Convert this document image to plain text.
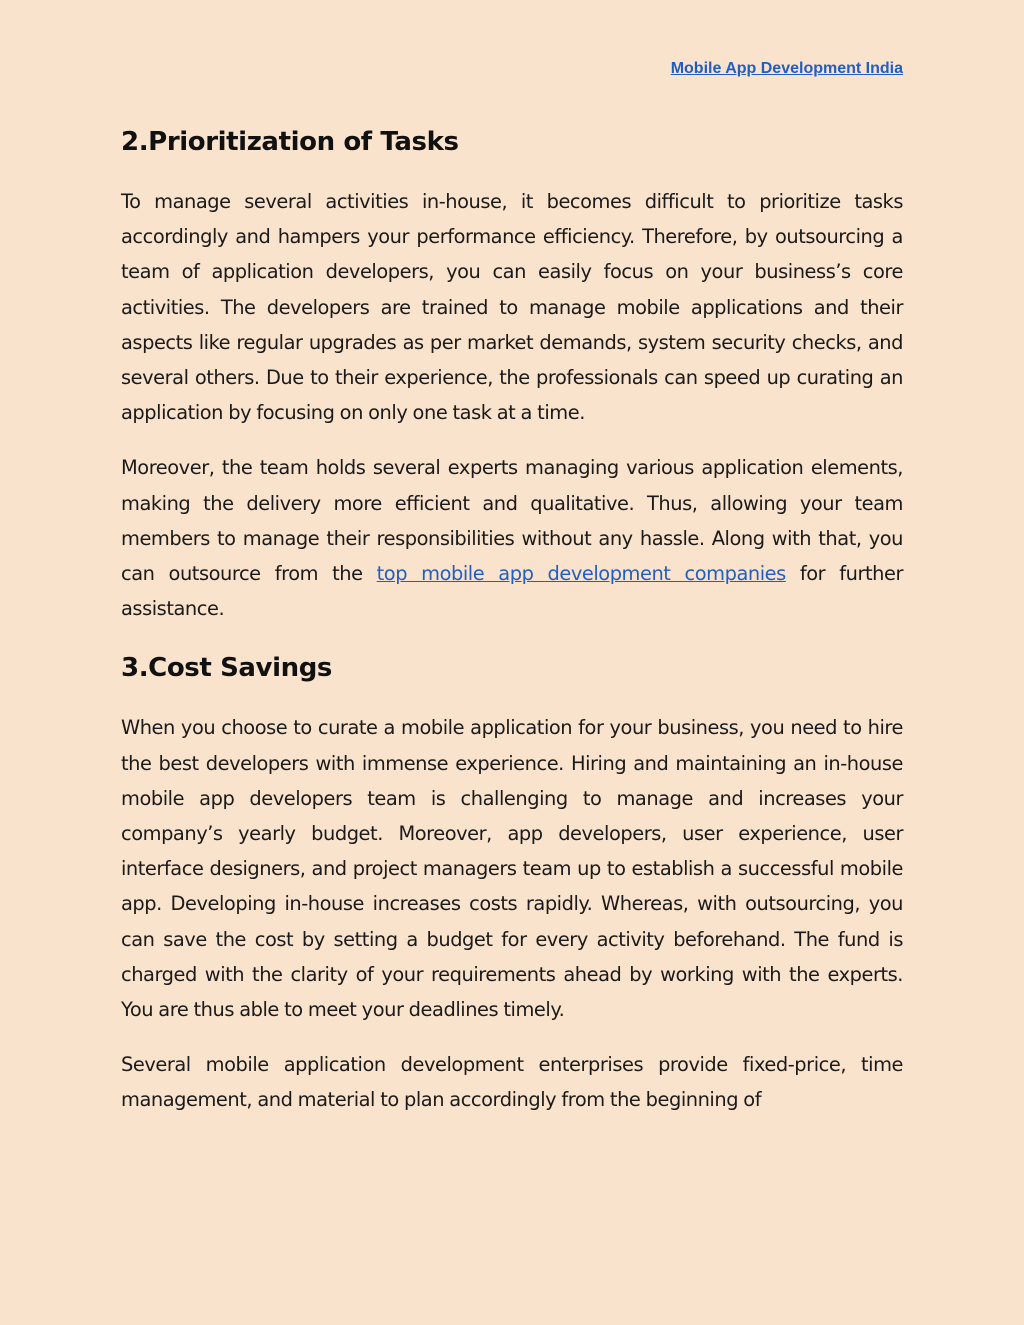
Mobile App Development India
2.Prioritization of Tasks

To manage several activities in-house, it becomes difficult to prioritize tasks accordingly and hampers your performance efficiency. Therefore, by outsourcing a team of application developers, you can easily focus on your business’s core activities. The developers are trained to manage mobile applications and their aspects like regular upgrades as per market demands, system security checks, and several others. Due to their experience, the professionals can speed up curating an application by focusing on only one task at a time.

Moreover, the team holds several experts managing various application elements, making the delivery more efficient and qualitative. Thus, allowing your team members to manage their responsibilities without any hassle. Along with that, you can outsource from the top mobile app development companies for further assistance.

3.Cost Savings

When you choose to curate a mobile application for your business, you need to hire the best developers with immense experience. Hiring and maintaining an in-house mobile app developers team is challenging to manage and increases your company’s yearly budget. Moreover, app developers, user experience, user interface designers, and project managers team up to establish a successful mobile app. Developing in-house increases costs rapidly. Whereas, with outsourcing, you can save the cost by setting a budget for every activity beforehand. The fund is charged with the clarity of your requirements ahead by working with the experts. You are thus able to meet your deadlines timely.

Several mobile application development enterprises provide fixed-price, time management, and material to plan accordingly from the beginning of
